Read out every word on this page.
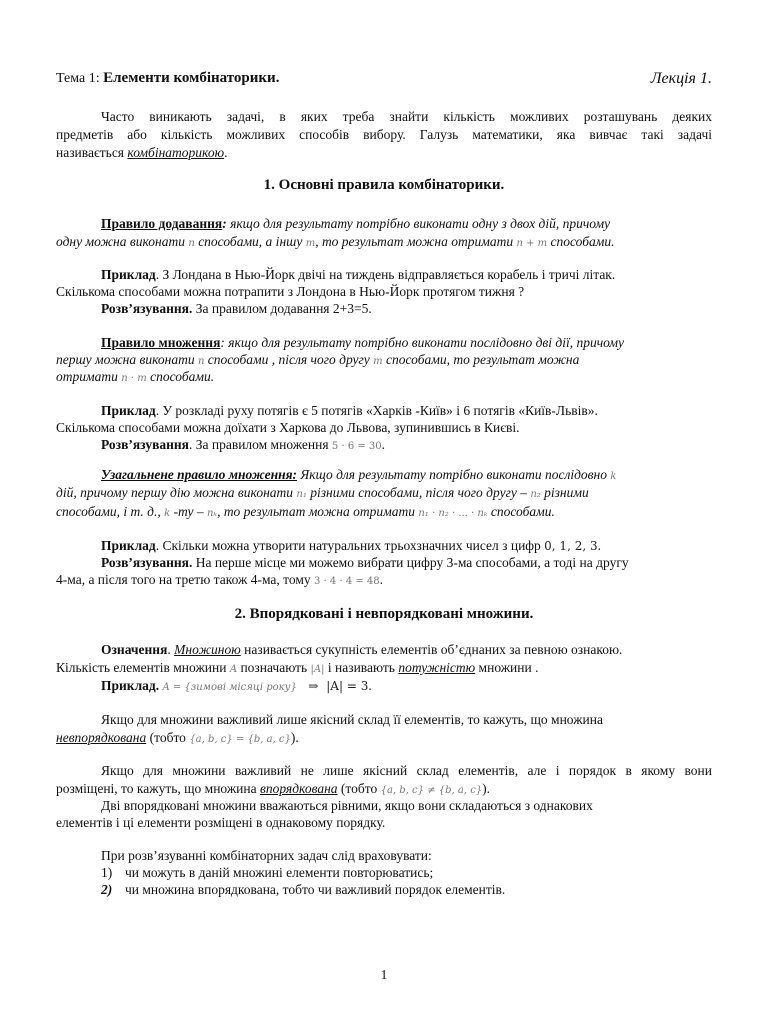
Тема 1: Елементи комбінаторики.	Лекція 1.
Часто виникають задачі, в яких треба знайти кількість можливих розташувань деяких
предметів або кількість можливих способів вибору. Галузь математики, яка вивчає такі задачі
називається комбінаторикою.
1. Основні правила комбінаторики.
Правило додавання: якщо для результату потрібно виконати одну з двох дій, причому
одну можна виконати n способами, а іншу m, то результат можна отримати n + m способами.
Приклад. З Лондана в Нью-Йорк двічі на тиждень відправляється корабель і тричі літак.
Скількома способами можна потрапити з Лондона в Нью-Йорк протягом тижня ?
Розв’язування. За правилом додавання 2+3=5.
Правило множення: якщо для результату потрібно виконати послідовно дві дії, причому
першу можна виконати n способами , після чого другу m способами, то результат можна
отримати n · m способами.
Приклад. У розкладі руху потягів є 5 потягів «Харків -Київ» і 6 потягів «Київ-Львів».
Скількома способами можна доїхати з Харкова до Львова, зупинившись в Києві.
Розв’язування. За правилом множення 5 · 6 = 30.
Узагальнене правило множення: Якщо для результату потрібно виконати послідовно k
дій, причому першу дію можна виконати n₁ різними способами, після чого другу – n₂ різними
способами, і т. д., k -ту – nₖ, то результат можна отримати n₁ · n₂ · ... · nₖ способами.
Приклад. Скільки можна утворити натуральних трьохзначних чисел з цифр 0, 1, 2, 3.
Розв’язування. На перше місце ми можемо вибрати цифру 3-ма способами, а тоді на другу
4-ма, а після того на третю також 4-ма, тому 3 · 4 · 4 = 48.
2. Впорядковані і невпорядковані множини.
Означення. Множиною називається сукупність елементів об’єднаних за певною ознакою.
Кількість елементів множини A позначають |A| і називають потужністю множини .
Приклад. A = {зимові місяці року} ⇒ |A| = 3.
Якщо для множини важливий лише якісний склад її елементів, то кажуть, що множина
невпорядкована (тобто {a, b, c} = {b, a, c}).
Якщо для множини важливий не лише якісний склад елементів, але і порядок в якому вони
розміщені, то кажуть, що множина впорядкована (тобто {a, b, c} ≠ {b, a, c}).
Дві впорядковані множини вважаються рівними, якщо вони складаються з однакових
елементів і ці елементи розміщені в однаковому порядку.
При розв’язуванні комбінаторних задач слід враховувати:
1) чи можуть в даній множині елементи повторюватись;
2) чи множина впорядкована, тобто чи важливий порядок елементів.
1
